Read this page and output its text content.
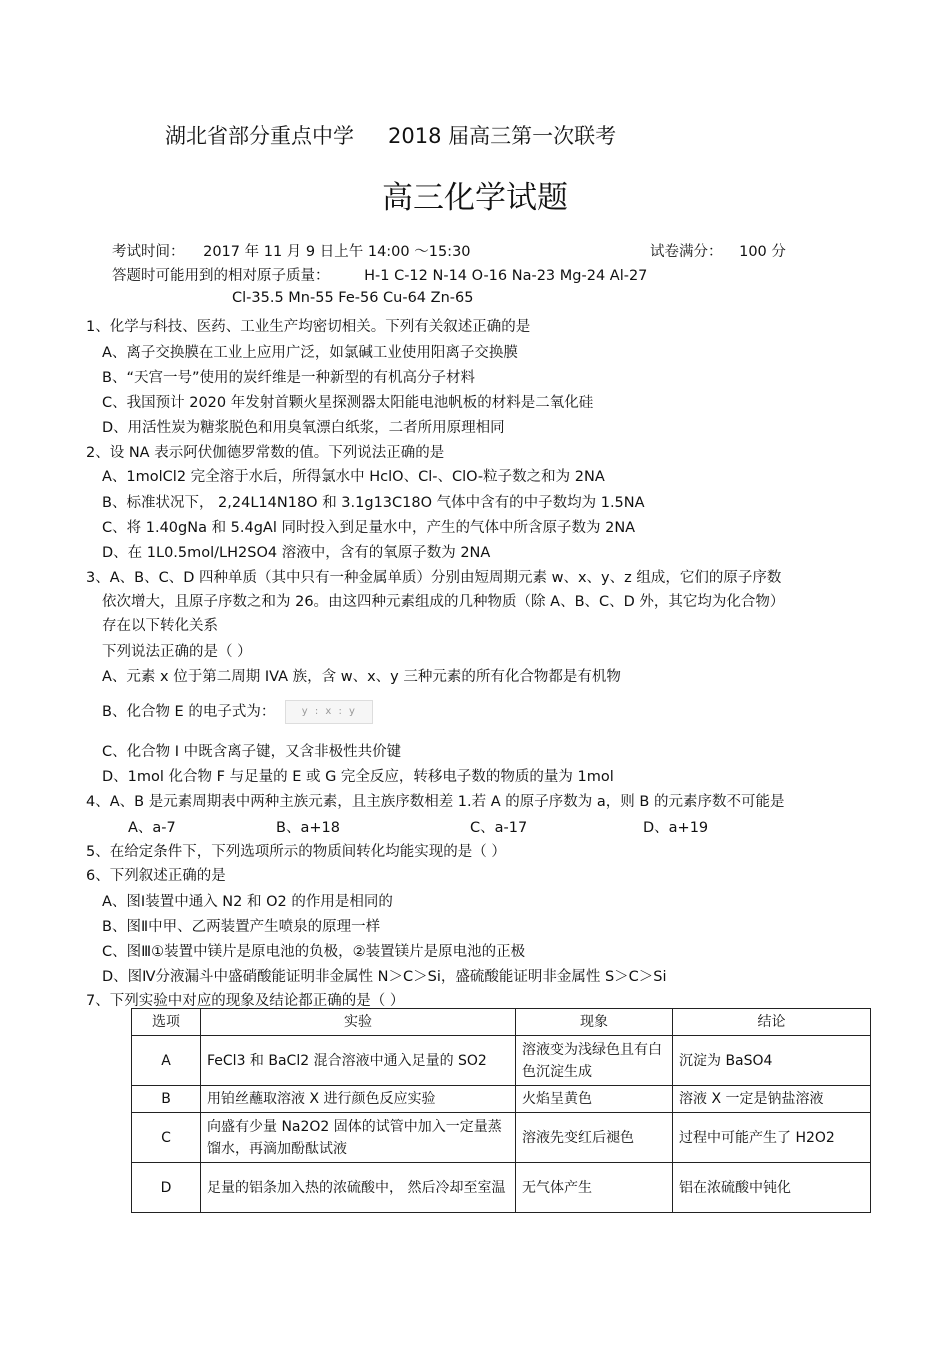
湖北省部分重点中学 2018 届高三第一次联考
高三化学试题
考试时间： 2017 年 11 月 9 日上午 14:00 ～15:30	试卷满分： 100 分
答题时可能用到的相对原子质量： H-1 C-12 N-14 O-16 Na-23 Mg-24 Al-27
Cl-35.5 Mn-55 Fe-56 Cu-64 Zn-65
1、化学与科技、医药、工业生产均密切相关。下列有关叙述正确的是
A、离子交换膜在工业上应用广泛，如氯碱工业使用阳离子交换膜
B、“天宫一号”使用的炭纤维是一种新型的有机高分子材料
C、我国预计 2020 年发射首颗火星探测器太阳能电池帆板的材料是二氧化硅
D、用活性炭为糖浆脱色和用臭氧漂白纸浆，二者所用原理相同
2、设 NA 表示阿伏伽德罗常数的值。下列说法正确的是
A、1molCl2 完全溶于水后，所得氯水中 HclO、Cl-、ClO-粒子数之和为 2NA
B、标准状况下， 2,24L14N18O 和 3.1g13C18O 气体中含有的中子数均为 1.5NA
C、将 1.40gNa 和 5.4gAl 同时投入到足量水中，产生的气体中所含原子数为 2NA
D、在 1L0.5mol/LH2SO4 溶液中，含有的氧原子数为 2NA
3、A、B、C、D 四种单质（其中只有一种金属单质）分别由短周期元素 w、x、y、z 组成，它们的原子序数
依次增大，且原子序数之和为 26。由这四种元素组成的几种物质（除 A、B、C、D 外，其它均为化合物）
存在以下转化关系
下列说法正确的是（ ）
A、元素 x 位于第二周期 IVA 族，含 w、x、y 三种元素的所有化合物都是有机物
B、化合物 E 的电子式为：	y : x : y
C、化合物 I 中既含离子键，又含非极性共价键
D、1mol 化合物 F 与足量的 E 或 G 完全反应，转移电子数的物质的量为 1mol
4、A、B 是元素周期表中两种主族元素，且主族序数相差 1.若 A 的原子序数为 a，则 B 的元素序数不可能是
A、a-7	B、a+18	C、a-17	D、a+19
5、在给定条件下，下列选项所示的物质间转化均能实现的是（ ）
6、下列叙述正确的是
A、图Ⅰ装置中通入 N2 和 O2 的作用是相同的
B、图Ⅱ中甲、乙两装置产生喷泉的原理一样
C、图Ⅲ①装置中镁片是原电池的负极，②装置镁片是原电池的正极
D、图Ⅳ分液漏斗中盛硝酸能证明非金属性 N＞C＞Si，盛硫酸能证明非金属性 S＞C＞Si
7、下列实验中对应的现象及结论都正确的是（ ）
选项	实验	现象	结论
A	FeCl3 和 BaCl2 混合溶液中通入足量的 SO2	溶液变为浅绿色且有白色沉淀生成	沉淀为 BaSO4
B	用铂丝蘸取溶液 X 进行颜色反应实验	火焰呈黄色	溶液 X 一定是钠盐溶液
C	向盛有少量 Na2O2 固体的试管中加入一定量蒸馏水，再滴加酚酞试液	溶液先变红后褪色	过程中可能产生了 H2O2
D	足量的铝条加入热的浓硫酸中， 然后冷却至室温	无气体产生	铝在浓硫酸中钝化
